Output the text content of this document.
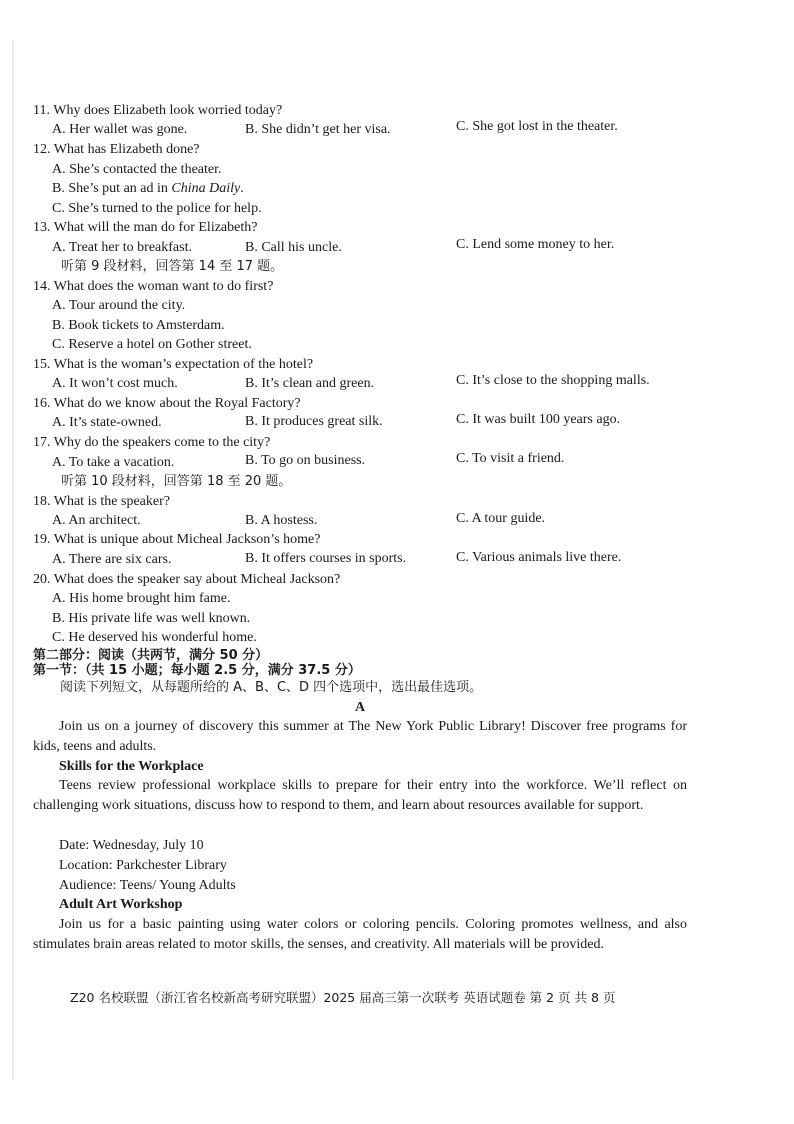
11. Why does Elizabeth look worried today?
A. Her wallet was gone.	B. She didn’t get her visa.	C. She got lost in the theater.
12. What has Elizabeth done?
A. She’s contacted the theater.
B. She’s put an ad in China Daily.
C. She’s turned to the police for help.
13. What will the man do for Elizabeth?
A. Treat her to breakfast.	B. Call his uncle.	C. Lend some money to her.
听第 9 段材料，回答第 14 至 17 题。
14. What does the woman want to do first?
A. Tour around the city.
B. Book tickets to Amsterdam.
C. Reserve a hotel on Gother street.
15. What is the woman’s expectation of the hotel?
A. It won’t cost much.	B. It’s clean and green.	C. It’s close to the shopping malls.
16. What do we know about the Royal Factory?
A. It’s state-owned.	B. It produces great silk.	C. It was built 100 years ago.
17. Why do the speakers come to the city?
A. To take a vacation.	B. To go on business.	C. To visit a friend.
听第 10 段材料，回答第 18 至 20 题。
18. What is the speaker?
A. An architect.	B. A hostess.	C. A tour guide.
19. What is unique about Micheal Jackson’s home?
A. There are six cars.	B. It offers courses in sports.	C. Various animals live there.
20. What does the speaker say about Micheal Jackson?
A. His home brought him fame.
B. His private life was well known.
C. He deserved his wonderful home.
第二部分：阅读（共两节，满分 50 分）
第一节：（共 15 小题；每小题 2.5 分，满分 37.5 分）
阅读下列短文，从每题所给的 A、B、C、D 四个选项中，选出最佳选项。
A
Join us on a journey of discovery this summer at The New York Public Library! Discover free programs for kids, teens and adults.
Skills for the Workplace
Teens review professional workplace skills to prepare for their entry into the workforce. We’ll reflect on challenging work situations, discuss how to respond to them, and learn about resources available for support.
Date: Wednesday, July 10
Location: Parkchester Library
Audience: Teens/ Young Adults
Adult Art Workshop
Join us for a basic painting using water colors or coloring pencils. Coloring promotes wellness, and also stimulates brain areas related to motor skills, the senses, and creativity. All materials will be provided.
Z20 名校联盟（浙江省名校新高考研究联盟）2025 届高三第一次联考 英语试题卷 第 2 页 共 8 页
